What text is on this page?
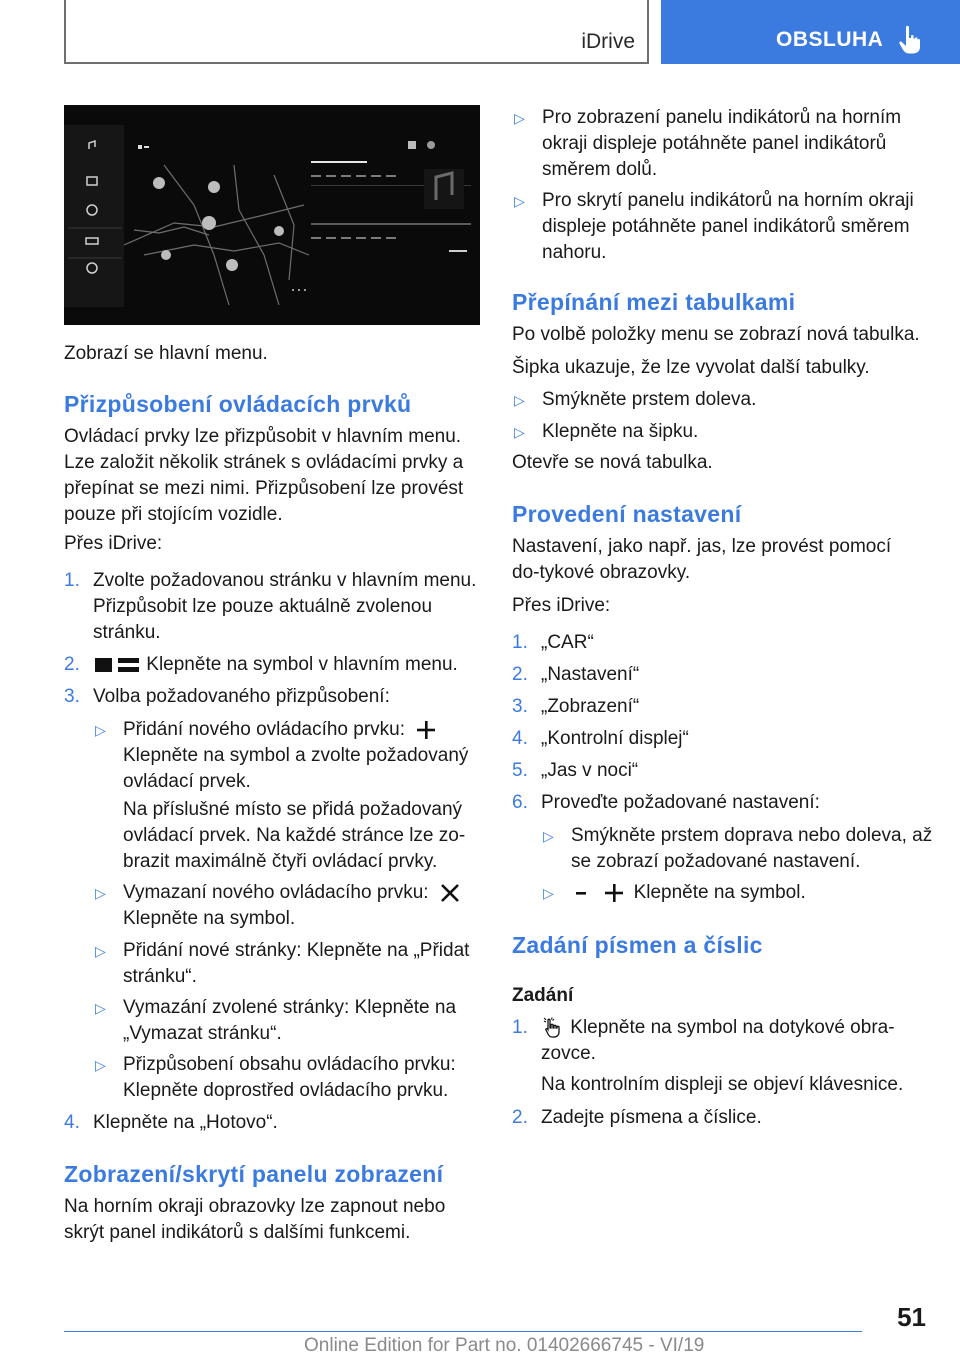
iDrive	OBSLUHA

Zobrazí se hlavní menu.

Přizpůsobení ovládacích prvků

Ovládací prvky lze přizpůsobit v hlavním menu. Lze založit několik stránek s ovládacími prvky a přepínat se mezi nimi. Přizpůsobení lze provést pouze při stojícím vozidle.

Přes iDrive:

1. Zvolte požadovanou stránku v hlavním menu. Přizpůsobit lze pouze aktuálně zvolenou stránku.
2.	Klepněte na symbol v hlavním menu.
3. Volba požadovaného přizpůsobení:
▷ Přidání nového ovládacího prvku:
Klepněte na symbol a zvolte požadovaný ovládací prvek.

Na příslušné místo se přidá požadovaný ovládací prvek. Na každé stránce lze zo-brazit maximálně čtyři ovládací prvky.

▷ Vymazaní nového ovládacího prvku:
Klepněte na symbol.
▷ Přidání nové stránky: Klepněte na „Přidat stránku“.
▷ Vymazání zvolené stránky: Klepněte na „Vymazat stránku“.
▷ Přizpůsobení obsahu ovládacího prvku: Klepněte doprostřed ovládacího prvku.
4. Klepněte na „Hotovo“.
Zobrazení/skrytí panelu zobrazení

Na horním okraji obrazovky lze zapnout nebo skrýt panel indikátorů s dalšími funkcemi.

▷ Pro zobrazení panelu indikátorů na horním okraji displeje potáhněte panel indikátorů směrem dolů.
▷ Pro skrytí panelu indikátorů na horním okraji displeje potáhněte panel indikátorů směrem nahoru.
Přepínání mezi tabulkami

Po volbě položky menu se zobrazí nová tabulka.

Šipka ukazuje, že lze vyvolat další tabulky.

▷ Smýkněte prstem doleva.
▷ Klepněte na šipku.

Otevře se nová tabulka.

Provedení nastavení

Nastavení, jako např. jas, lze provést pomocí do-tykové obrazovky.

Přes iDrive:

1. „CAR“
2. „Nastavení“
3. „Zobrazení“
4. „Kontrolní displej“
5. „Jas v noci“
6. Proveďte požadované nastavení:
▷ Smýkněte prstem doprava nebo doleva, až se zobrazí požadované nastavení.
▷	Klepněte na symbol.
Zadání písmen a číslic
Zadání
1. Klepněte na symbol na dotykové obra-zovce.

Na kontrolním displeji se objeví klávesnice.

2. Zadejte písmena a číslice.
51
Online Edition for Part no. 01402666745 - VI/19
